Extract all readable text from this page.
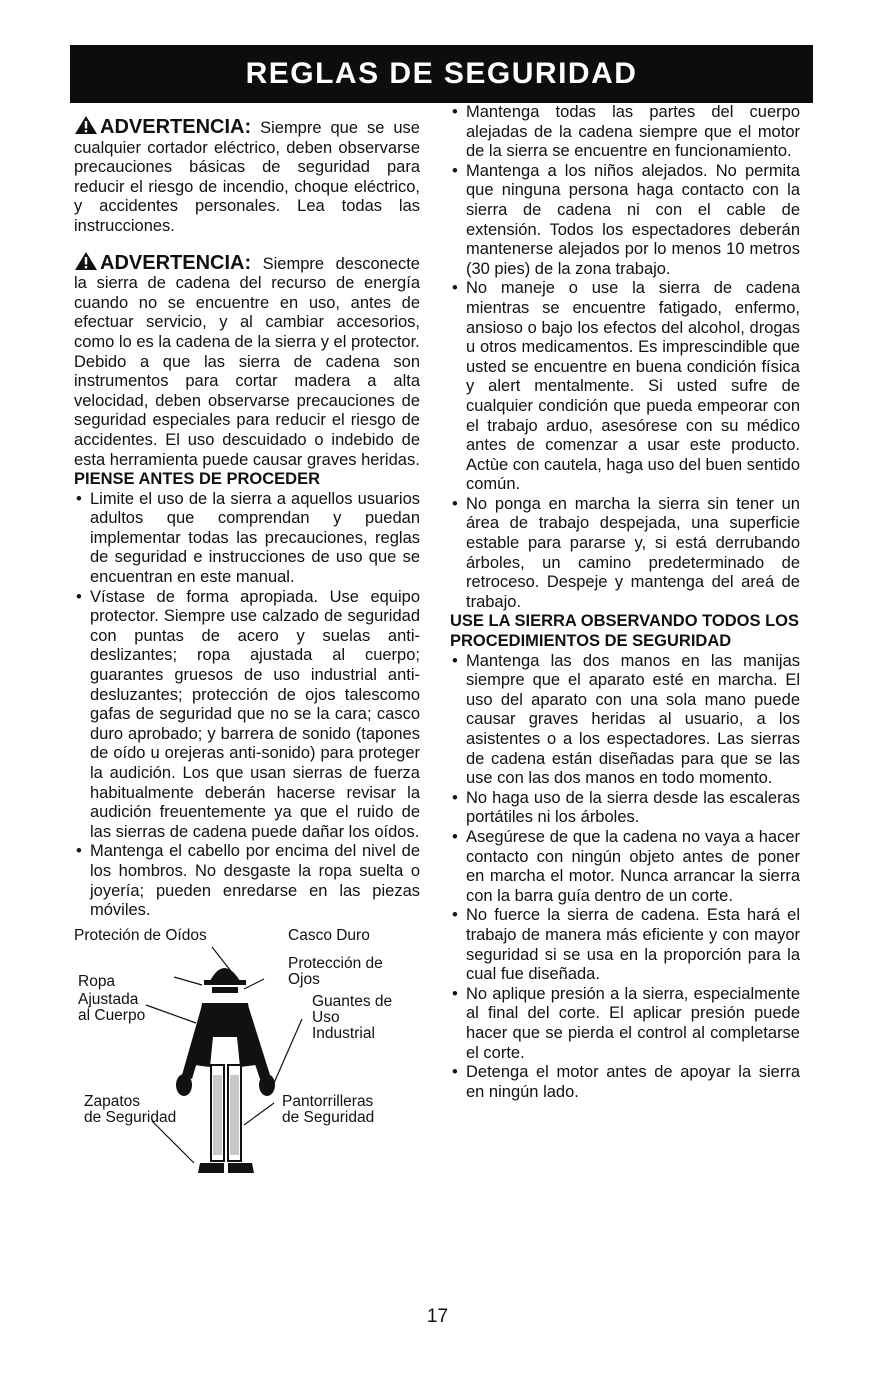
REGLAS DE SEGURIDAD

ADVERTENCIA: Siempre que se use cualquier cortador eléctrico, deben observarse precauciones básicas de seguridad para reducir el riesgo de incendio, choque eléctrico, y accidentes personales. Lea todas las instrucciones.

ADVERTENCIA: Siempre desconecte la sierra de cadena del recurso de energía cuando no se encuentre en uso, antes de efectuar servicio, y al cambiar accesorios, como lo es la cadena de la sierra y el protector.

Debido a que las sierra de cadena son instrumentos para cortar madera a alta velocidad, deben observarse precauciones de seguridad especiales para reducir el riesgo de accidentes. El uso descuidado o indebido de esta herramienta puede causar graves heridas.

PIENSE ANTES DE PROCEDER
• Limite el uso de la sierra a aquellos usuarios adultos que comprendan y puedan implementar todas las precauciones, reglas de seguridad e instrucciones de uso que se encuentran en este manual.
• Vístase de forma apropiada. Use equipo protector. Siempre use calzado de seguridad con puntas de acero y suelas anti-deslizantes; ropa ajustada al cuerpo; guarantes gruesos de uso industrial anti-desluzantes; protección de ojos talescomo gafas de seguridad que no se la cara; casco duro aprobado; y barrera de sonido (tapones de oído u orejeras anti-sonido) para proteger la audición. Los que usan sierras de fuerza habitualmente deberán hacerse revisar la audición freuentemente ya que el ruido de las sierras de cadena puede dañar los oídos.
• Mantenga el cabello por encima del nivel de los hombros. No desgaste la ropa suelta o joyería; pueden enredarse en las piezas móviles.
Proteción de Oídos	Casco Duro
Protección de
Ojos
Ropa
Ajustada
al Cuerpo
Guantes de
Uso
Industrial
Zapatos
de Seguridad
Pantorrilleras
de Seguridad
• Mantenga todas las partes del cuerpo alejadas de la cadena siempre que el motor de la sierra se encuentre en funcionamiento.
• Mantenga a los niños alejados. No permita que ninguna persona haga contacto con la sierra de cadena ni con el cable de extensión. Todos los espectadores deberán mantenerse alejados por lo menos 10 metros (30 pies) de la zona trabajo.
• No maneje o use la sierra de cadena mientras se encuentre fatigado, enfermo, ansioso o bajo los efectos del alcohol, drogas u otros medicamentos. Es imprescindible que usted se encuentre en buena condición física y alert mentalmente. Si usted sufre de cualquier condición que pueda empeorar con el trabajo arduo, asesórese con su médico antes de comenzar a usar este producto. Actùe con cautela, haga uso del buen sentido común.
• No ponga en marcha la sierra sin tener un área de trabajo despejada, una superficie estable para pararse y, si está derrubando árboles, un camino predeterminado de retroceso. Despeje y mantenga del areá de trabajo.
USE LA SIERRA OBSERVANDO TODOS LOS PROCEDIMIENTOS DE SEGURIDAD
• Mantenga las dos manos en las manijas siempre que el aparato esté en marcha. El uso del aparato con una sola mano puede causar graves heridas al usuario, a los asistentes o a los espectadores. Las sierras de cadena están diseñadas para que se las use con las dos manos en todo momento.
• No haga uso de la sierra desde las escaleras portátiles ni los árboles.
• Asegúrese de que la cadena no vaya a hacer contacto con ningún objeto antes de poner en marcha el motor. Nunca arrancar la sierra con la barra guía dentro de un corte.
• No fuerce la sierra de cadena. Esta hará el trabajo de manera más eficiente y con mayor seguridad si se usa en la proporción para la cual fue diseñada.
• No aplique presión a la sierra, especialmente al final del corte. El aplicar presión puede hacer que se pierda el control al completarse el corte.
• Detenga el motor antes de apoyar la sierra en ningún lado.
17
